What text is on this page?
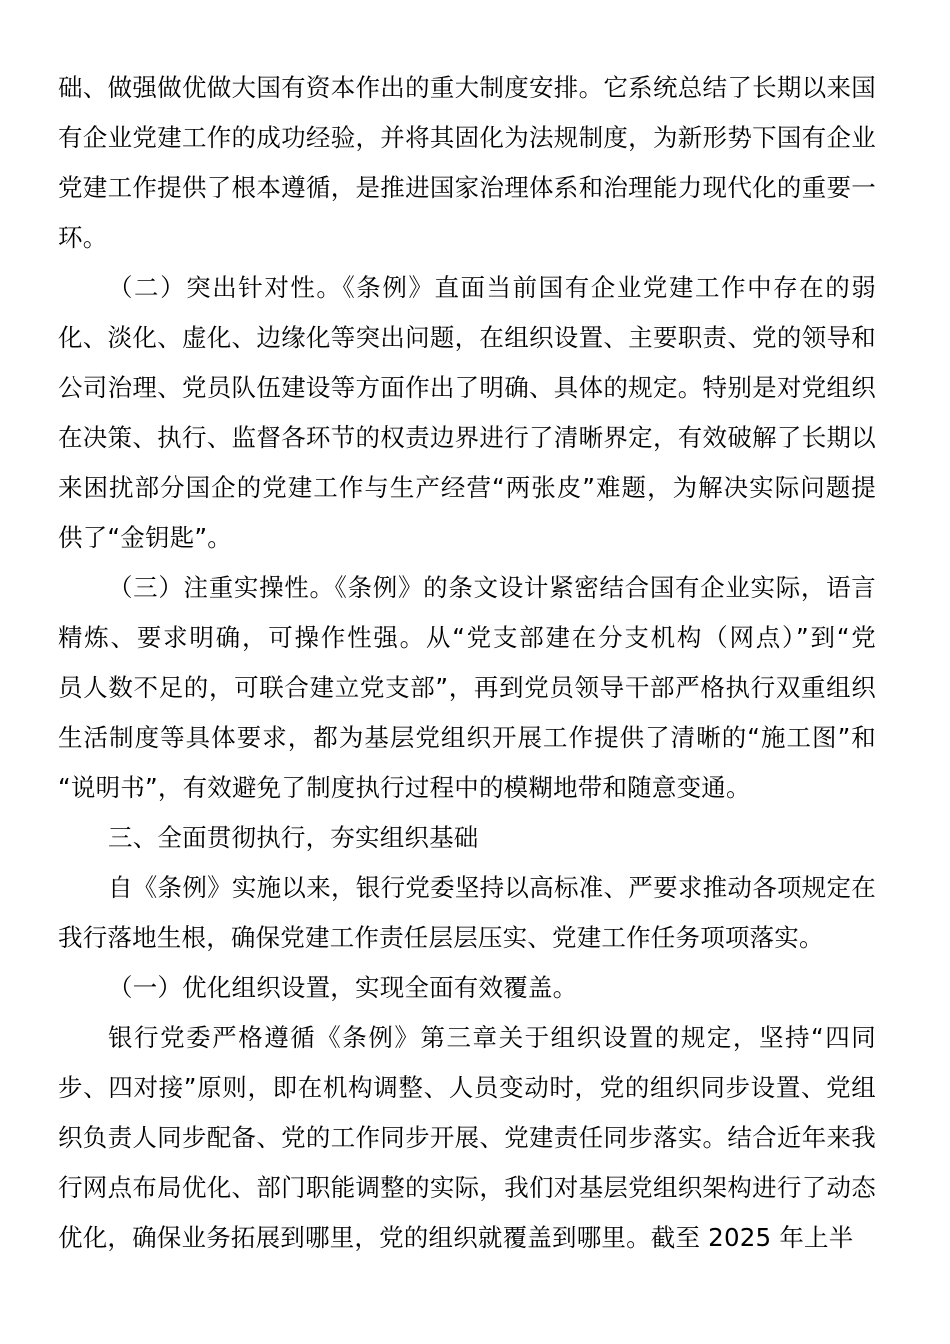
础、做强做优做大国有资本作出的重大制度安排。它系统总结了长期以来国
有企业党建工作的成功经验，并将其固化为法规制度，为新形势下国有企业
党建工作提供了根本遵循，是推进国家治理体系和治理能力现代化的重要一
环。
（二）突出针对性。《条例》直面当前国有企业党建工作中存在的弱
化、淡化、虚化、边缘化等突出问题，在组织设置、主要职责、党的领导和
公司治理、党员队伍建设等方面作出了明确、具体的规定。特别是对党组织
在决策、执行、监督各环节的权责边界进行了清晰界定，有效破解了长期以
来困扰部分国企的党建工作与生产经营“两张皮”难题，为解决实际问题提
供了“金钥匙”。
（三）注重实操性。《条例》的条文设计紧密结合国有企业实际，语言
精炼、要求明确，可操作性强。从“党支部建在分支机构（网点）”到“党
员人数不足的，可联合建立党支部”，再到党员领导干部严格执行双重组织
生活制度等具体要求，都为基层党组织开展工作提供了清晰的“施工图”和
“说明书”，有效避免了制度执行过程中的模糊地带和随意变通。
三、全面贯彻执行，夯实组织基础
自《条例》实施以来，银行党委坚持以高标准、严要求推动各项规定在
我行落地生根，确保党建工作责任层层压实、党建工作任务项项落实。
（一）优化组织设置，实现全面有效覆盖。
银行党委严格遵循《条例》第三章关于组织设置的规定，坚持“四同
步、四对接”原则，即在机构调整、人员变动时，党的组织同步设置、党组
织负责人同步配备、党的工作同步开展、党建责任同步落实。结合近年来我
行网点布局优化、部门职能调整的实际，我们对基层党组织架构进行了动态
优化，确保业务拓展到哪里，党的组织就覆盖到哪里。截至 2025 年上半
